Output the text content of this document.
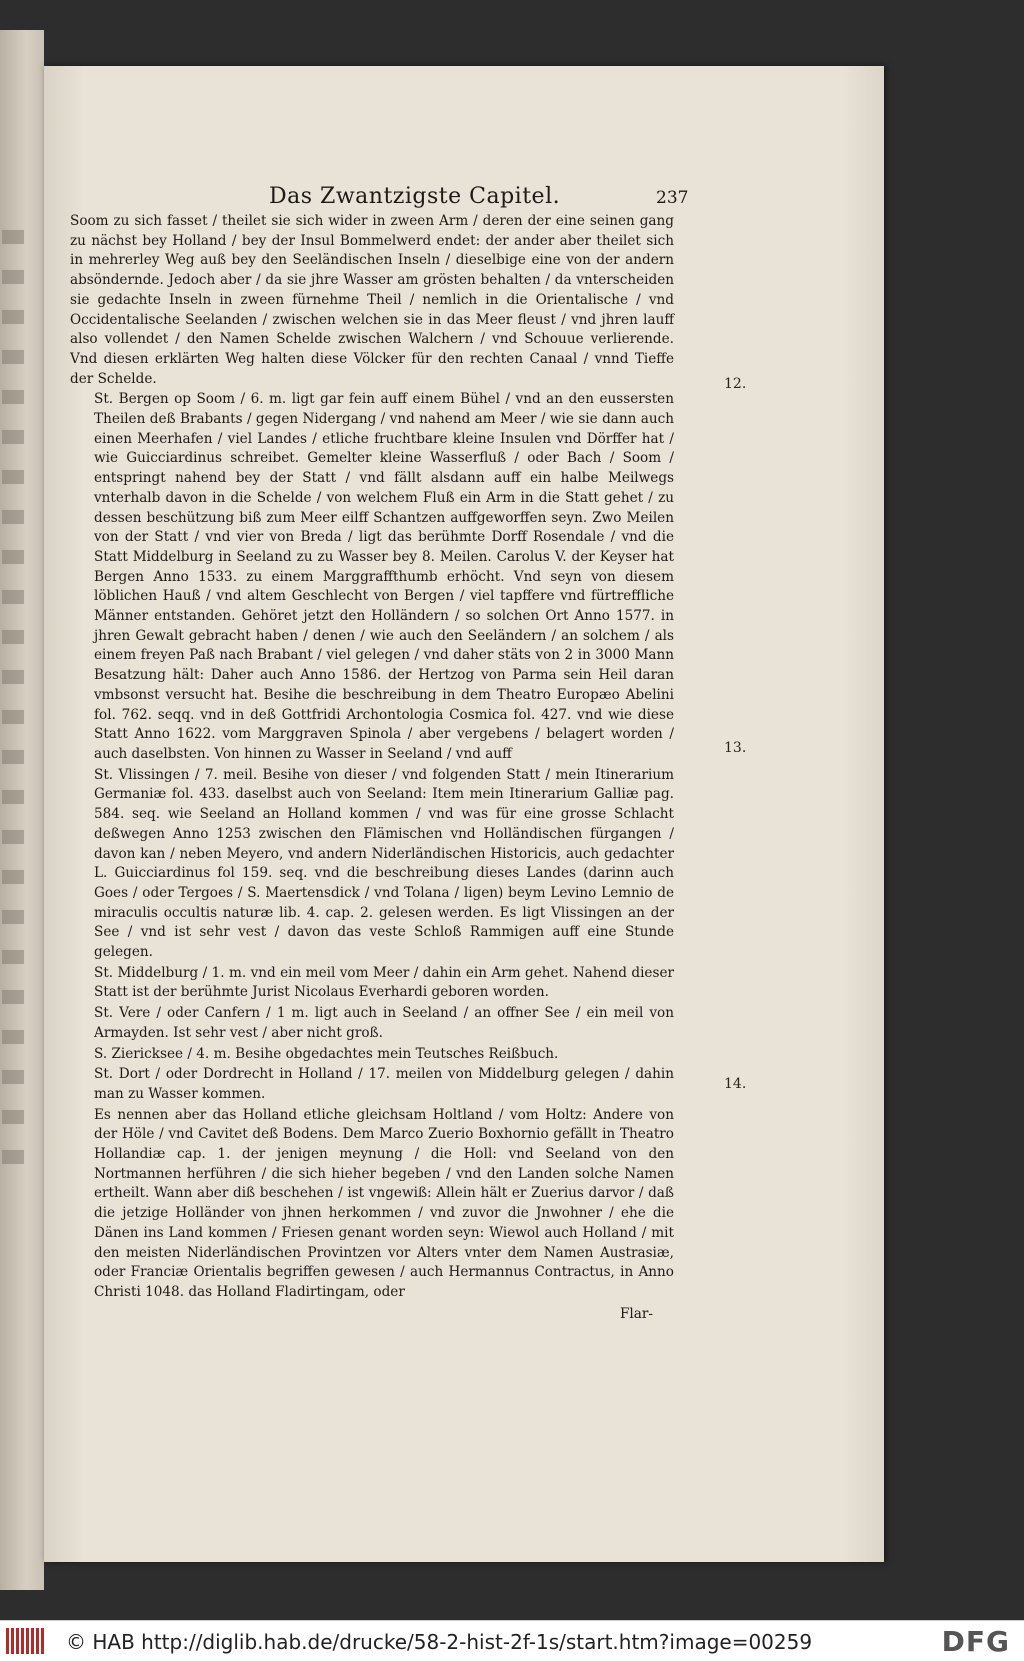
Das Zwantzigste Capitel.	237

Soom zu sich fasset / theilet sie sich wider in zween Arm / deren der eine seinen gang zu nächst bey Holland / bey der Insul Bommelwerd endet: der ander aber theilet sich in mehrerley Weg auß bey den Seeländischen Inseln / dieselbige eine von der andern absöndernde. Jedoch aber / da sie jhre Wasser am grösten behalten / da vnterscheiden sie gedachte Inseln in zween fürnehme Theil / nemlich in die Orientalische / vnd Occidentalische Seelanden / zwischen welchen sie in das Meer fleust / vnd jhren lauff also vollendet / den Namen Schelde zwischen Walchern / vnd Schouue verlierende. Vnd diesen erklärten Weg halten diese Völcker für den rechten Canaal / vnnd Tieffe der Schelde.

St. Bergen op Soom / 6. m. ligt gar fein auff einem Bühel / vnd an den eussersten Theilen deß Brabants / gegen Nidergang / vnd nahend am Meer / wie sie dann auch einen Meerhafen / viel Landes / etliche fruchtbare kleine Insulen vnd Dörffer hat / wie Guicciardinus schreibet. Gemelter kleine Wasserfluß / oder Bach / Soom / entspringt nahend bey der Statt / vnd fällt alsdann auff ein halbe Meilwegs vnterhalb davon in die Schelde / von welchem Fluß ein Arm in die Statt gehet / zu dessen beschützung biß zum Meer eilff Schantzen auffgeworffen seyn. Zwo Meilen von der Statt / vnd vier von Breda / ligt das berühmte Dorff Rosendale / vnd die Statt Middelburg in Seeland zu zu Wasser bey 8. Meilen. Carolus V. der Keyser hat Bergen Anno 1533. zu einem Marggraffthumb erhöcht. Vnd seyn von diesem löblichen Hauß / vnd altem Geschlecht von Bergen / viel tapffere vnd fürtreffliche Männer entstanden. Gehöret jetzt den Holländern / so solchen Ort Anno 1577. in jhren Gewalt gebracht haben / denen / wie auch den Seeländern / an solchem / als einem freyen Paß nach Brabant / viel gelegen / vnd daher stäts von 2 in 3000 Mann Besatzung hält: Daher auch Anno 1586. der Hertzog von Parma sein Heil daran vmbsonst versucht hat. Besihe die beschreibung in dem Theatro Europæo Abelini fol. 762. seqq. vnd in deß Gottfridi Archontologia Cosmica fol. 427. vnd wie diese Statt Anno 1622. vom Marggraven Spinola / aber vergebens / belagert worden / auch daselbsten. Von hinnen zu Wasser in Seeland / vnd auff

St. Vlissingen / 7. meil. Besihe von dieser / vnd folgenden Statt / mein Itinerarium Germaniæ fol. 433. daselbst auch von Seeland: Item mein Itinerarium Galliæ pag. 584. seq. wie Seeland an Holland kommen / vnd was für eine grosse Schlacht deßwegen Anno 1253 zwischen den Flämischen vnd Holländischen fürgangen / davon kan / neben Meyero, vnd andern Niderländischen Historicis, auch gedachter L. Guicciardinus fol 159. seq. vnd die beschreibung dieses Landes (darinn auch Goes / oder Tergoes / S. Maertensdick / vnd Tolana / ligen) beym Levino Lemnio de miraculis occultis naturæ lib. 4. cap. 2. gelesen werden. Es ligt Vlissingen an der See / vnd ist sehr vest / davon das veste Schloß Rammigen auff eine Stunde gelegen.

St. Middelburg / 1. m. vnd ein meil vom Meer / dahin ein Arm gehet. Nahend dieser Statt ist der berühmte Jurist Nicolaus Everhardi geboren worden.

St. Vere / oder Canfern / 1 m. ligt auch in Seeland / an offner See / ein meil von Armayden. Ist sehr vest / aber nicht groß.

S. Ziericksee / 4. m. Besihe obgedachtes mein Teutsches Reißbuch.

St. Dort / oder Dordrecht in Holland / 17. meilen von Middelburg gelegen / dahin man zu Wasser kommen.

Es nennen aber das Holland etliche gleichsam Holtland / vom Holtz: Andere von der Höle / vnd Cavitet deß Bodens. Dem Marco Zuerio Boxhornio gefällt in Theatro Hollandiæ cap. 1. der jenigen meynung / die Holl: vnd Seeland von den Nortmannen herführen / die sich hieher begeben / vnd den Landen solche Namen ertheilt. Wann aber diß beschehen / ist vngewiß: Allein hält er Zuerius darvor / daß die jetzige Holländer von jhnen herkommen / vnd zuvor die Jnwohner / ehe die Dänen ins Land kommen / Friesen genant worden seyn: Wiewol auch Holland / mit den meisten Niderländischen Provintzen vor Alters vnter dem Namen Austrasiæ, oder Franciæ Orientalis begriffen gewesen / auch Hermannus Contractus, in Anno Christi 1048. das Holland Fladirtingam, oder

12.
13.
14.
Flar-
© HAB http://diglib.hab.de/drucke/58-2-hist-2f-1s/start.htm?image=00259	DFG
